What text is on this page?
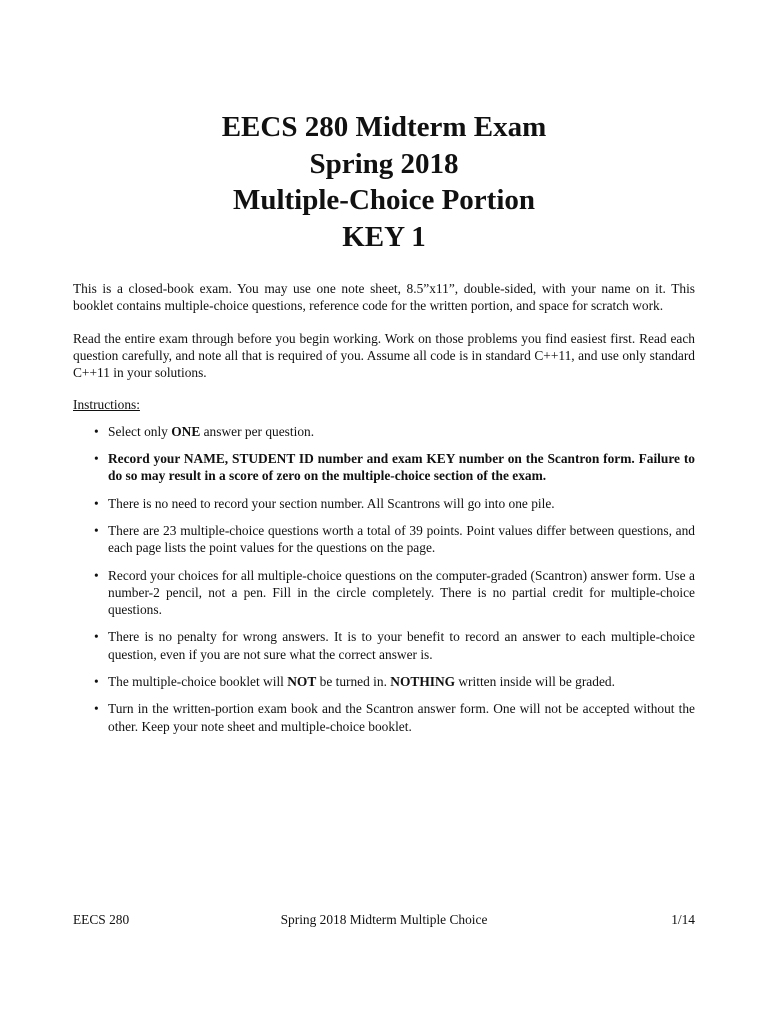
EECS 280 Midterm Exam
Spring 2018
Multiple-Choice Portion
KEY 1

This is a closed-book exam. You may use one note sheet, 8.5”x11”, double-sided, with your name on it. This booklet contains multiple-choice questions, reference code for the written portion, and space for scratch work.

Read the entire exam through before you begin working. Work on those problems you find easiest first. Read each question carefully, and note all that is required of you. Assume all code is in standard C++11, and use only standard C++11 in your solutions.

Instructions:

• Select only ONE answer per question.
• Record your NAME, STUDENT ID number and exam KEY number on the Scantron form. Failure to do so may result in a score of zero on the multiple-choice section of the exam.
• There is no need to record your section number. All Scantrons will go into one pile.
• There are 23 multiple-choice questions worth a total of 39 points. Point values differ between questions, and each page lists the point values for the questions on the page.
• Record your choices for all multiple-choice questions on the computer-graded (Scantron) answer form. Use a number-2 pencil, not a pen. Fill in the circle completely. There is no partial credit for multiple-choice questions.
• There is no penalty for wrong answers. It is to your benefit to record an answer to each multiple-choice question, even if you are not sure what the correct answer is.
• The multiple-choice booklet will NOT be turned in. NOTHING written inside will be graded.
• Turn in the written-portion exam book and the Scantron answer form. One will not be accepted without the other. Keep your note sheet and multiple-choice booklet.
EECS 280	Spring 2018 Midterm Multiple Choice	1/14
